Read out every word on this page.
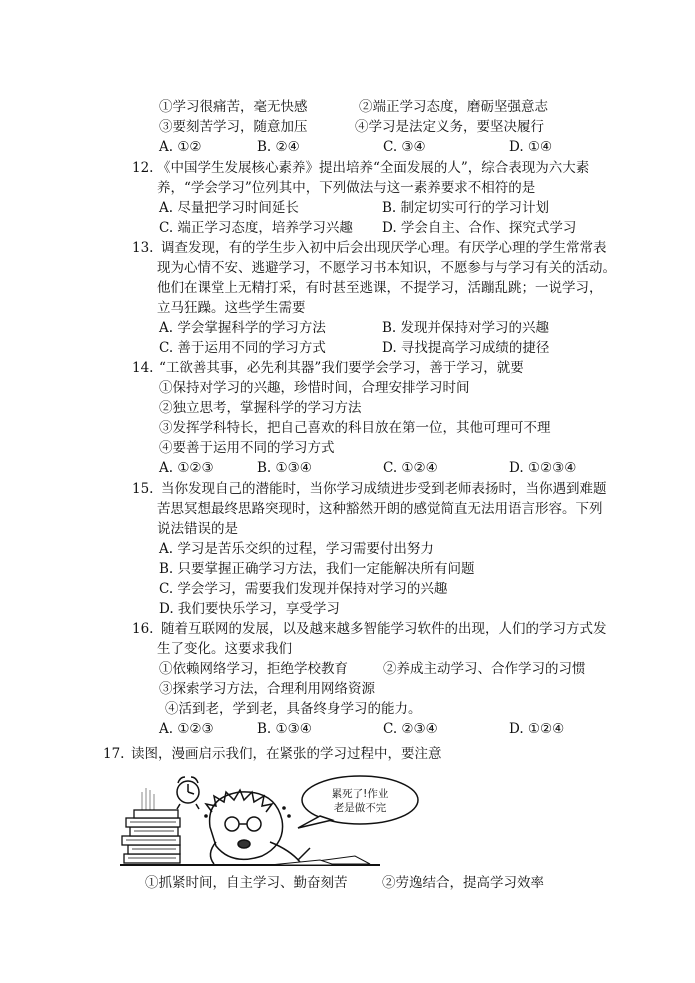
①学习很痛苦，毫无快感	②端正学习态度，磨砺坚强意志
③要刻苦学习，随意加压	④学习是法定义务，要坚决履行
A. ①②	B. ②④	C. ③④	D. ①④
12. 《中国学生发展核心素养》提出培养“全面发展的人”，综合表现为六大素
养，“学会学习”位列其中，下列做法与这一素养要求不相符的是
A. 尽量把学习时间延长	B. 制定切实可行的学习计划
C. 端正学习态度，培养学习兴趣 D. 学会自主、合作、探究式学习
13. 调查发现，有的学生步入初中后会出现厌学心理。有厌学心理的学生常常表
现为心情不安、逃避学习，不愿学习书本知识，不愿参与与学习有关的活动。
他们在课堂上无精打采，有时甚至逃课，不提学习，活蹦乱跳；一说学习，
立马狂躁。这些学生需要
A. 学会掌握科学的学习方法	B. 发现并保持对学习的兴趣
C. 善于运用不同的学习方式	D. 寻找提高学习成绩的捷径
14. “工欲善其事，必先利其器”我们要学会学习，善于学习，就要
①保持对学习的兴趣，珍惜时间，合理安排学习时间
②独立思考，掌握科学的学习方法
③发挥学科特长，把自己喜欢的科目放在第一位，其他可理可不理
④要善于运用不同的学习方式
A. ①②③	B. ①③④	C. ①②④	D. ①②③④
15. 当你发现自己的潜能时，当你学习成绩进步受到老师表扬时，当你遇到难题
苦思冥想最终思路突现时，这种豁然开朗的感觉简直无法用语言形容。下列
说法错误的是
A. 学习是苦乐交织的过程，学习需要付出努力
B. 只要掌握正确学习方法，我们一定能解决所有问题
C. 学会学习，需要我们发现并保持对学习的兴趣
D. 我们要快乐学习，享受学习
16. 随着互联网的发展，以及越来越多智能学习软件的出现，人们的学习方式发
生了变化。这要求我们
①依赖网络学习，拒绝学校教育	②养成主动学习、合作学习的习惯
③探索学习方法，合理利用网络资源
④活到老，学到老，具备终身学习的能力。
A. ①②③	B. ①③④	C. ②③④	D. ①②④
17. 读图，漫画启示我们，在紧张的学习过程中，要注意
累死了!作业
老是做不完
①抓紧时间，自主学习、勤奋刻苦	②劳逸结合，提高学习效率
